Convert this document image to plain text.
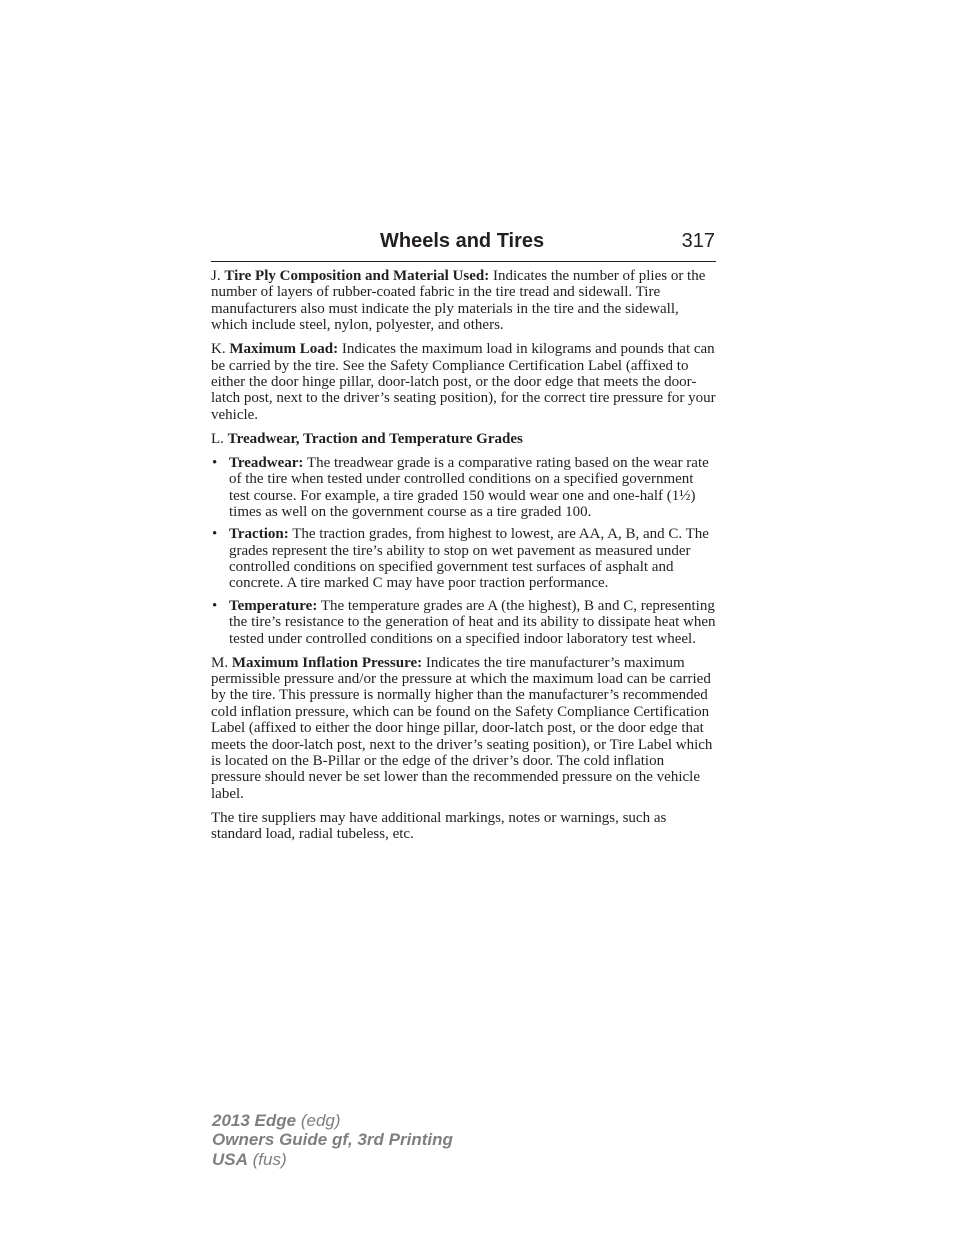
Wheels and Tires	317

J. Tire Ply Composition and Material Used: Indicates the number of plies or the number of layers of rubber-coated fabric in the tire tread and sidewall. Tire manufacturers also must indicate the ply materials in the tire and the sidewall, which include steel, nylon, polyester, and others.

K. Maximum Load: Indicates the maximum load in kilograms and pounds that can be carried by the tire. See the Safety Compliance Certification Label (affixed to either the door hinge pillar, door-latch post, or the door edge that meets the door-latch post, next to the driver’s seating position), for the correct tire pressure for your vehicle.

L. Treadwear, Traction and Temperature Grades

• Treadwear: The treadwear grade is a comparative rating based on the wear rate of the tire when tested under controlled conditions on a specified government test course. For example, a tire graded 150 would wear one and one-half (1½) times as well on the government course as a tire graded 100.
• Traction: The traction grades, from highest to lowest, are AA, A, B, and C. The grades represent the tire’s ability to stop on wet pavement as measured under controlled conditions on specified government test surfaces of asphalt and concrete. A tire marked C may have poor traction performance.
• Temperature: The temperature grades are A (the highest), B and C, representing the tire’s resistance to the generation of heat and its ability to dissipate heat when tested under controlled conditions on a specified indoor laboratory test wheel.

M. Maximum Inflation Pressure: Indicates the tire manufacturer’s maximum permissible pressure and/or the pressure at which the maximum load can be carried by the tire. This pressure is normally higher than the manufacturer’s recommended cold inflation pressure, which can be found on the Safety Compliance Certification Label (affixed to either the door hinge pillar, door-latch post, or the door edge that meets the door-latch post, next to the driver’s seating position), or Tire Label which is located on the B-Pillar or the edge of the driver’s door. The cold inflation pressure should never be set lower than the recommended pressure on the vehicle label.

The tire suppliers may have additional markings, notes or warnings, such as standard load, radial tubeless, etc.

2013 Edge (edg)
Owners Guide gf, 3rd Printing
USA (fus)
